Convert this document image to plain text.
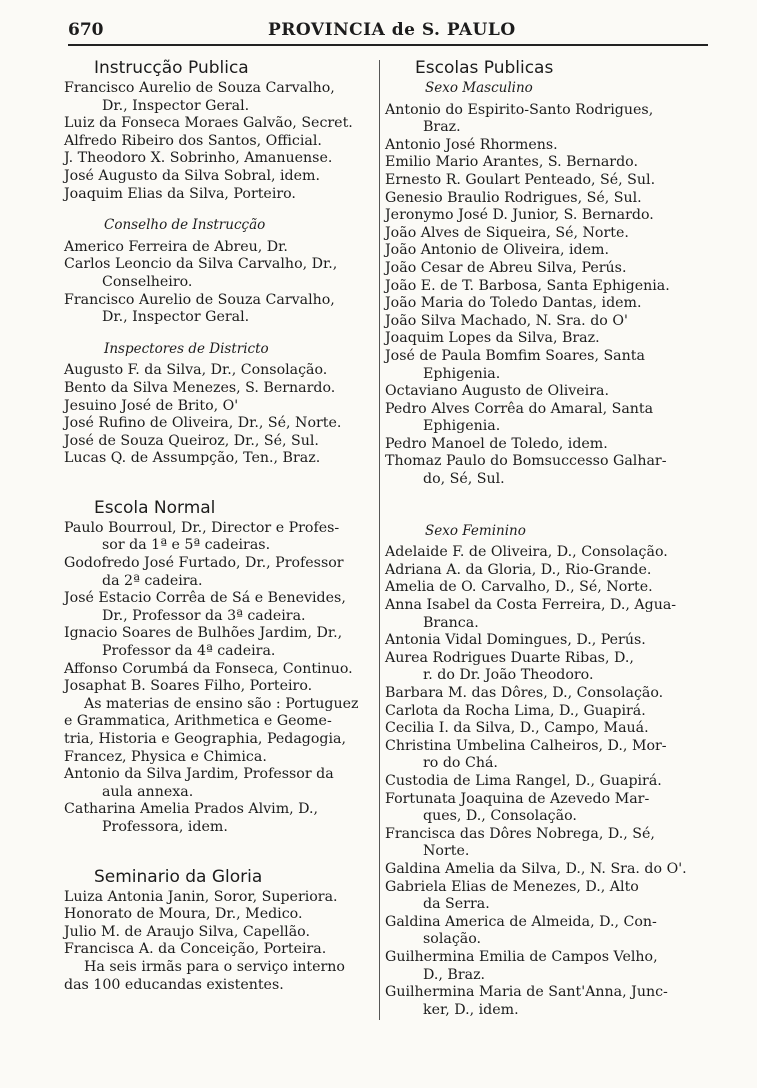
670	PROVINCIA de S. PAULO
Instrucção Publica
Francisco Aurelio de Souza Carvalho,
Dr., Inspector Geral.
Luiz da Fonseca Moraes Galvão, Secret.
Alfredo Ribeiro dos Santos, Official.
J. Theodoro X. Sobrinho, Amanuense.
José Augusto da Silva Sobral, idem.
Joaquim Elias da Silva, Porteiro.
Conselho de Instrucção
Americo Ferreira de Abreu, Dr.
Carlos Leoncio da Silva Carvalho, Dr.,
Conselheiro.
Francisco Aurelio de Souza Carvalho,
Dr., Inspector Geral.
Inspectores de Districto
Augusto F. da Silva, Dr., Consolação.
Bento da Silva Menezes, S. Bernardo.
Jesuino José de Brito, O'
José Rufino de Oliveira, Dr., Sé, Norte.
José de Souza Queiroz, Dr., Sé, Sul.
Lucas Q. de Assumpção, Ten., Braz.
Escola Normal
Paulo Bourroul, Dr., Director e Profes-
sor da 1ª e 5ª cadeiras.
Godofredo José Furtado, Dr., Professor
da 2ª cadeira.
José Estacio Corrêa de Sá e Benevides,
Dr., Professor da 3ª cadeira.
Ignacio Soares de Bulhões Jardim, Dr.,
Professor da 4ª cadeira.
Affonso Corumbá da Fonseca, Continuo.
Josaphat B. Soares Filho, Porteiro.
As materias de ensino são : Portuguez
e Grammatica, Arithmetica e Geome-
tria, Historia e Geographia, Pedagogia,
Francez, Physica e Chimica.
Antonio da Silva Jardim, Professor da
aula annexa.
Catharina Amelia Prados Alvim, D.,
Professora, idem.
Seminario da Gloria
Luiza Antonia Janin, Soror, Superiora.
Honorato de Moura, Dr., Medico.
Julio M. de Araujo Silva, Capellão.
Francisca A. da Conceição, Porteira.
Ha seis irmãs para o serviço interno
das 100 educandas existentes.
Escolas Publicas
Sexo Masculino
Antonio do Espirito-Santo Rodrigues,
Braz.
Antonio José Rhormens.
Emilio Mario Arantes, S. Bernardo.
Ernesto R. Goulart Penteado, Sé, Sul.
Genesio Braulio Rodrigues, Sé, Sul.
Jeronymo José D. Junior, S. Bernardo.
João Alves de Siqueira, Sé, Norte.
João Antonio de Oliveira, idem.
João Cesar de Abreu Silva, Perús.
João E. de T. Barbosa, Santa Ephigenia.
João Maria do Toledo Dantas, idem.
João Silva Machado, N. Sra. do O'
Joaquim Lopes da Silva, Braz.
José de Paula Bomfim Soares, Santa
Ephigenia.
Octaviano Augusto de Oliveira.
Pedro Alves Corrêa do Amaral, Santa
Ephigenia.
Pedro Manoel de Toledo, idem.
Thomaz Paulo do Bomsuccesso Galhar-
do, Sé, Sul.
Sexo Feminino
Adelaide F. de Oliveira, D., Consolação.
Adriana A. da Gloria, D., Rio-Grande.
Amelia de O. Carvalho, D., Sé, Norte.
Anna Isabel da Costa Ferreira, D., Agua-
Branca.
Antonia Vidal Domingues, D., Perús.
Aurea Rodrigues Duarte Ribas, D.,
r. do Dr. João Theodoro.
Barbara M. das Dôres, D., Consolação.
Carlota da Rocha Lima, D., Guapirá.
Cecilia I. da Silva, D., Campo, Mauá.
Christina Umbelina Calheiros, D., Mor-
ro do Chá.
Custodia de Lima Rangel, D., Guapirá.
Fortunata Joaquina de Azevedo Mar-
ques, D., Consolação.
Francisca das Dôres Nobrega, D., Sé,
Norte.
Galdina Amelia da Silva, D., N. Sra. do O'.
Gabriela Elias de Menezes, D., Alto
da Serra.
Galdina America de Almeida, D., Con-
solação.
Guilhermina Emilia de Campos Velho,
D., Braz.
Guilhermina Maria de Sant'Anna, Junc-
ker, D., idem.
